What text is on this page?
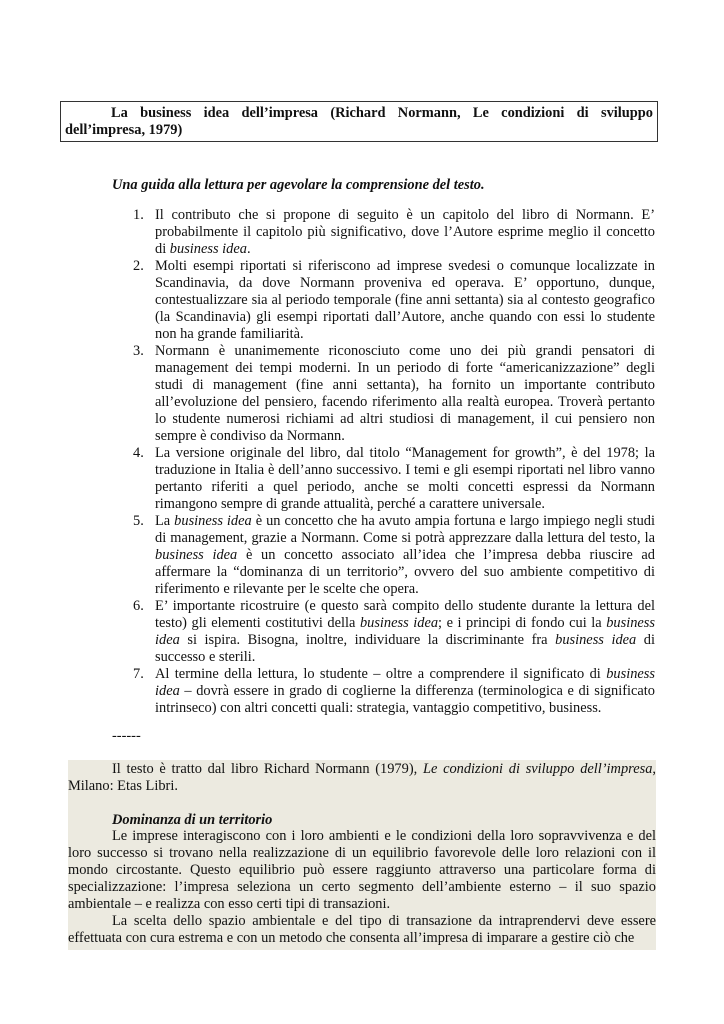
La business idea dell’impresa (Richard Normann, Le condizioni di sviluppo dell’impresa, 1979)
Una guida alla lettura per agevolare la comprensione del testo.
1. Il contributo che si propone di seguito è un capitolo del libro di Normann. E’ probabilmente il capitolo più significativo, dove l’Autore esprime meglio il concetto di business idea.
2. Molti esempi riportati si riferiscono ad imprese svedesi o comunque localizzate in Scandinavia, da dove Normann proveniva ed operava. E’ opportuno, dunque, contestualizzare sia al periodo temporale (fine anni settanta) sia al contesto geografico (la Scandinavia) gli esempi riportati dall’Autore, anche quando con essi lo studente non ha grande familiarità.
3. Normann è unanimemente riconosciuto come uno dei più grandi pensatori di management dei tempi moderni. In un periodo di forte “americanizzazione” degli studi di management (fine anni settanta), ha fornito un importante contributo all’evoluzione del pensiero, facendo riferimento alla realtà europea. Troverà pertanto lo studente numerosi richiami ad altri studiosi di management, il cui pensiero non sempre è condiviso da Normann.
4. La versione originale del libro, dal titolo “Management for growth”, è del 1978; la traduzione in Italia è dell’anno successivo. I temi e gli esempi riportati nel libro vanno pertanto riferiti a quel periodo, anche se molti concetti espressi da Normann rimangono sempre di grande attualità, perché a carattere universale.
5. La business idea è un concetto che ha avuto ampia fortuna e largo impiego negli studi di management, grazie a Normann. Come si potrà apprezzare dalla lettura del testo, la business idea è un concetto associato all’idea che l’impresa debba riuscire ad affermare la “dominanza di un territorio”, ovvero del suo ambiente competitivo di riferimento e rilevante per le scelte che opera.
6. E’ importante ricostruire (e questo sarà compito dello studente durante la lettura del testo) gli elementi costitutivi della business idea; e i principi di fondo cui la business idea si ispira. Bisogna, inoltre, individuare la discriminante fra business idea di successo e sterili.
7. Al termine della lettura, lo studente – oltre a comprendere il significato di business idea – dovrà essere in grado di coglierne la differenza (terminologica e di significato intrinseco) con altri concetti quali: strategia, vantaggio competitivo, business.
------

Il testo è tratto dal libro Richard Normann (1979), Le condizioni di sviluppo dell’impresa, Milano: Etas Libri.

Dominanza di un territorio

Le imprese interagiscono con i loro ambienti e le condizioni della loro sopravvivenza e del loro successo si trovano nella realizzazione di un equilibrio favorevole delle loro relazioni con il mondo circostante. Questo equilibrio può essere raggiunto attraverso una particolare forma di specializzazione: l’impresa seleziona un certo segmento dell’ambiente esterno – il suo spazio ambientale – e realizza con esso certi tipi di transazioni.

La scelta dello spazio ambientale e del tipo di transazione da intraprendervi deve essere effettuata con cura estrema e con un metodo che consenta all’impresa di imparare a gestire ciò che
